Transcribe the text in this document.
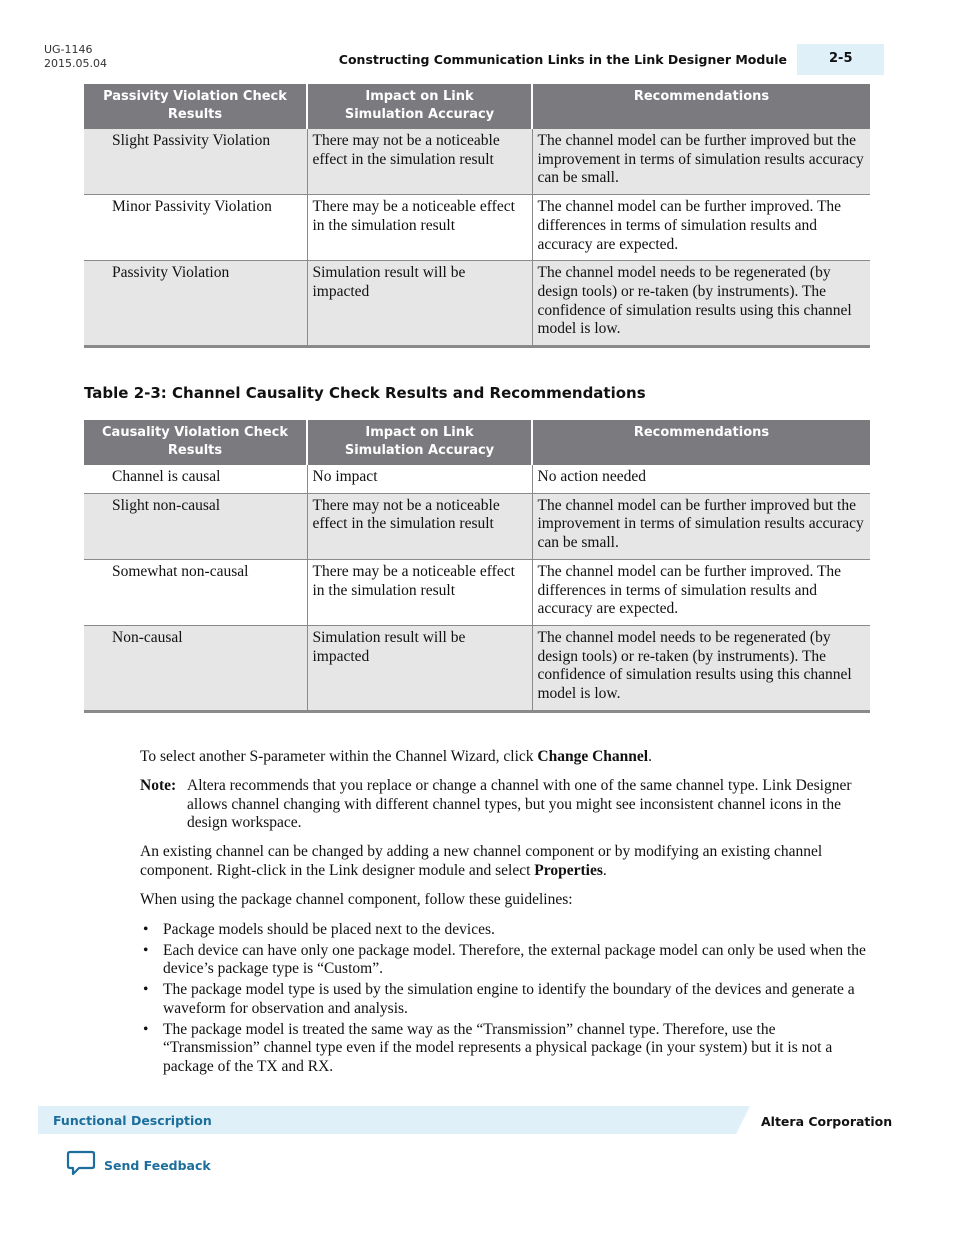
UG-1146
2015.05.04	Constructing Communication Links in the Link Designer Module	2-5
Passivity Violation Check Results	Impact on Link Simulation Accuracy	Recommendations
Slight Passivity Violation	There may not be a noticeable effect in the simulation result	The channel model can be further improved but the improvement in terms of simulation results accuracy can be small.
Minor Passivity Violation	There may be a noticeable effect in the simulation result	The channel model can be further improved. The differences in terms of simulation results and accuracy are expected.
Passivity Violation	Simulation result will be impacted	The channel model needs to be regenerated (by design tools) or re-taken (by instruments). The confidence of simulation results using this channel model is low.
Table 2-3: Channel Causality Check Results and Recommendations
Causality Violation Check Results	Impact on Link Simulation Accuracy	Recommendations
Channel is causal	No impact	No action needed
Slight non-causal	There may not be a noticeable effect in the simulation result	The channel model can be further improved but the improvement in terms of simulation results accuracy can be small.
Somewhat non-causal	There may be a noticeable effect in the simulation result	The channel model can be further improved. The differences in terms of simulation results and accuracy are expected.
Non-causal	Simulation result will be impacted	The channel model needs to be regenerated (by design tools) or re-taken (by instruments). The confidence of simulation results using this channel model is low.

To select another S-parameter within the Channel Wizard, click Change Channel.

Note: Altera recommends that you replace or change a channel with one of the same channel type. Link Designer allows channel changing with different channel types, but you might see inconsistent channel icons in the design workspace.

An existing channel can be changed by adding a new channel component or by modifying an existing channel component. Right-click in the Link designer module and select Properties.

When using the package channel component, follow these guidelines:

• Package models should be placed next to the devices.
• Each device can have only one package model. Therefore, the external package model can only be used when the device’s package type is “Custom”.
• The package model type is used by the simulation engine to identify the boundary of the devices and generate a waveform for observation and analysis.
• The package model is treated the same way as the “Transmission” channel type. Therefore, use the “Transmission” channel type even if the model represents a physical package (in your system) but it is not a package of the TX and RX.
Functional Description	Altera Corporation
Send Feedback
